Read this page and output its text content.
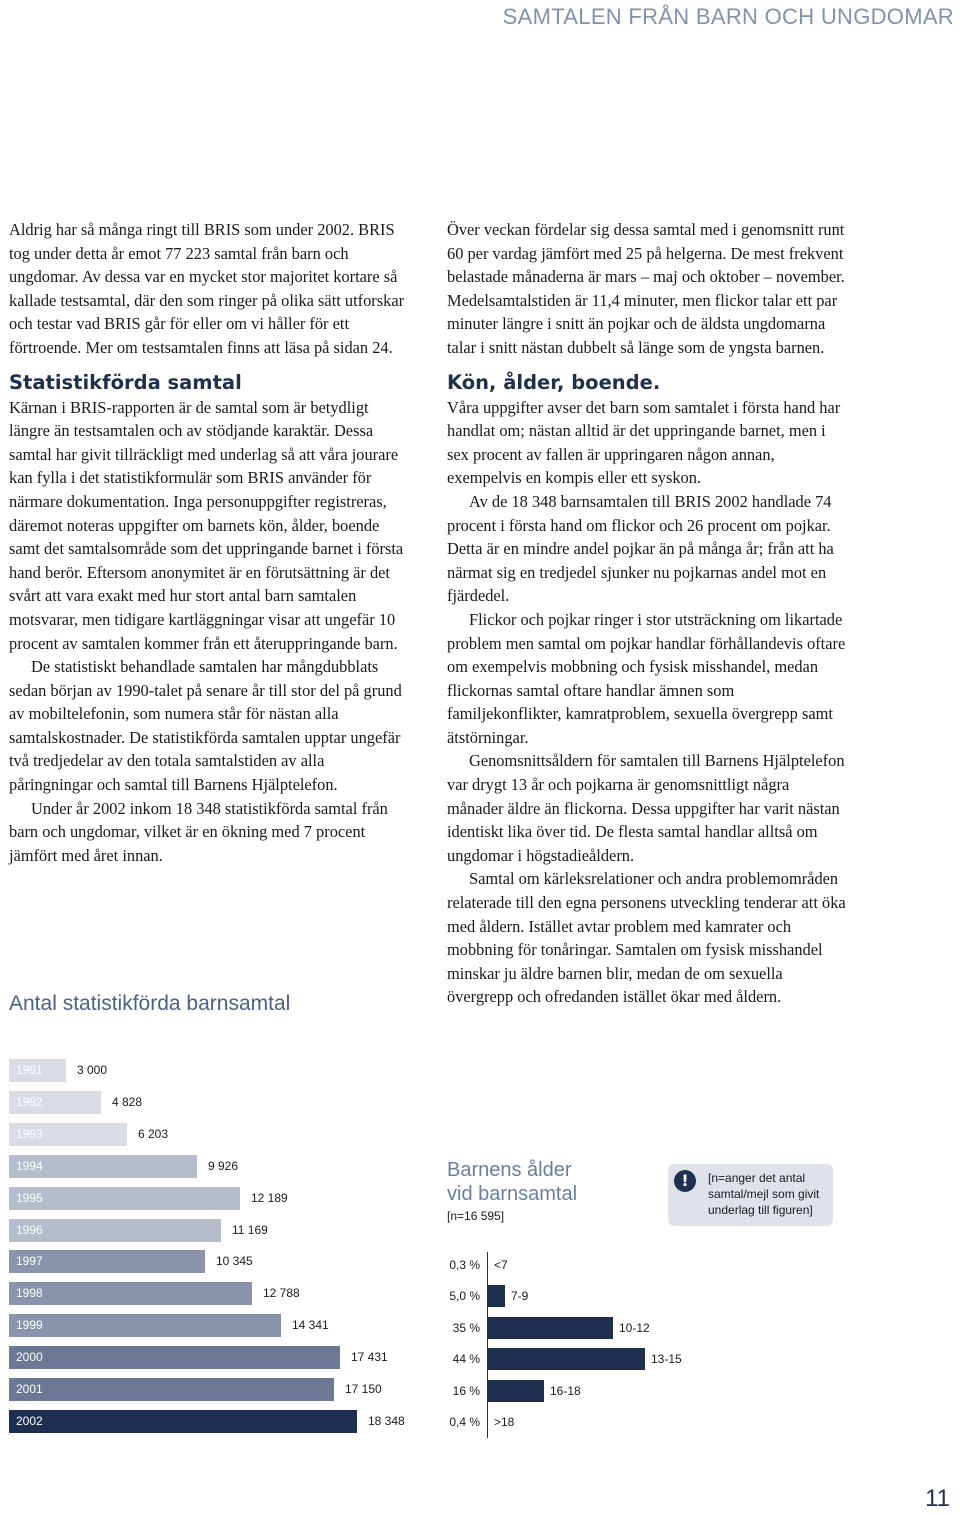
SAMTALEN FRÅN BARN OCH UNGDOMAR

Aldrig har så många ringt till BRIS som under 2002. BRIS tog under detta år emot 77 223 samtal från barn och ungdomar. Av dessa var en mycket stor majoritet kortare så kallade testsamtal, där den som ringer på olika sätt utforskar och testar vad BRIS går för eller om vi håller för ett förtroende. Mer om testsamtalen finns att läsa på sidan 24.

Statistikförda samtal

Kärnan i BRIS-rapporten är de samtal som är betydligt längre än testsamtalen och av stödjande karaktär. Dessa samtal har givit tillräckligt med underlag så att våra jourare kan fylla i det statistikformulär som BRIS använder för närmare dokumentation. Inga personuppgifter registreras, däremot noteras uppgifter om barnets kön, ålder, boende samt det samtalsområde som det uppringande barnet i första hand berör. Eftersom anonymitet är en förutsättning är det svårt att vara exakt med hur stort antal barn samtalen motsvarar, men tidigare kartläggningar visar att ungefär 10 procent av samtalen kommer från ett återuppringande barn.

De statistiskt behandlade samtalen har mångdubblats sedan början av 1990-talet på senare år till stor del på grund av mobiltelefonin, som numera står för nästan alla samtalskostnader. De statistikförda samtalen upptar ungefär två tredjedelar av den totala samtalstiden av alla påringningar och samtal till Barnens Hjälptelefon.

Under år 2002 inkom 18 348 statistikförda samtal från barn och ungdomar, vilket är en ökning med 7 procent jämfört med året innan.

Över veckan fördelar sig dessa samtal med i genomsnitt runt 60 per vardag jämfört med 25 på helgerna. De mest frekvent belastade månaderna är mars – maj och oktober – november. Medelsamtalstiden är 11,4 minuter, men flickor talar ett par minuter längre i snitt än pojkar och de äldsta ungdomarna talar i snitt nästan dubbelt så länge som de yngsta barnen.

Kön, ålder, boende.

Våra uppgifter avser det barn som samtalet i första hand har handlat om; nästan alltid är det uppringande barnet, men i sex procent av fallen är uppringaren någon annan, exempelvis en kompis eller ett syskon.

Av de 18 348 barnsamtalen till BRIS 2002 handlade 74 procent i första hand om flickor och 26 procent om pojkar. Detta är en mindre andel pojkar än på många år; från att ha närmat sig en tredjedel sjunker nu pojkarnas andel mot en fjärdedel.

Flickor och pojkar ringer i stor utsträckning om likartade problem men samtal om pojkar handlar förhållandevis oftare om exempelvis mobbning och fysisk misshandel, medan flickornas samtal oftare handlar ämnen som familjekonflikter, kamratproblem, sexuella övergrepp samt ätstörningar.

Genomsnittsåldern för samtalen till Barnens Hjälptelefon var drygt 13 år och pojkarna är genomsnittligt några månader äldre än flickorna. Dessa uppgifter har varit nästan identiskt lika över tid. De flesta samtal handlar alltså om ungdomar i högstadieåldern.

Samtal om kärleksrelationer och andra problemområden relaterade till den egna personens utveckling tenderar att öka med åldern. Istället avtar problem med kamrater och mobbning för tonåringar. Samtalen om fysisk misshandel minskar ju äldre barnen blir, medan de om sexuella övergrepp och ofredanden istället ökar med åldern.

Antal statistikförda barnsamtal
1991	3 000
1992	4 828
1993	6 203
1994	9 926
1995	12 189
1996	11 169
1997	10 345
1998	12 788
1999	14 341
2000	17 431
2001	17 150
2002	18 348
Barnens ålder vid barnsamtal
[n=16 595]
!	[n=anger det antal samtal/mejl som givit underlag till figuren]
0,3 % <7
5,0 %	7-9
35 %	10-12
44 %	13-15
16 %	16-18
0,4 % >18
11
